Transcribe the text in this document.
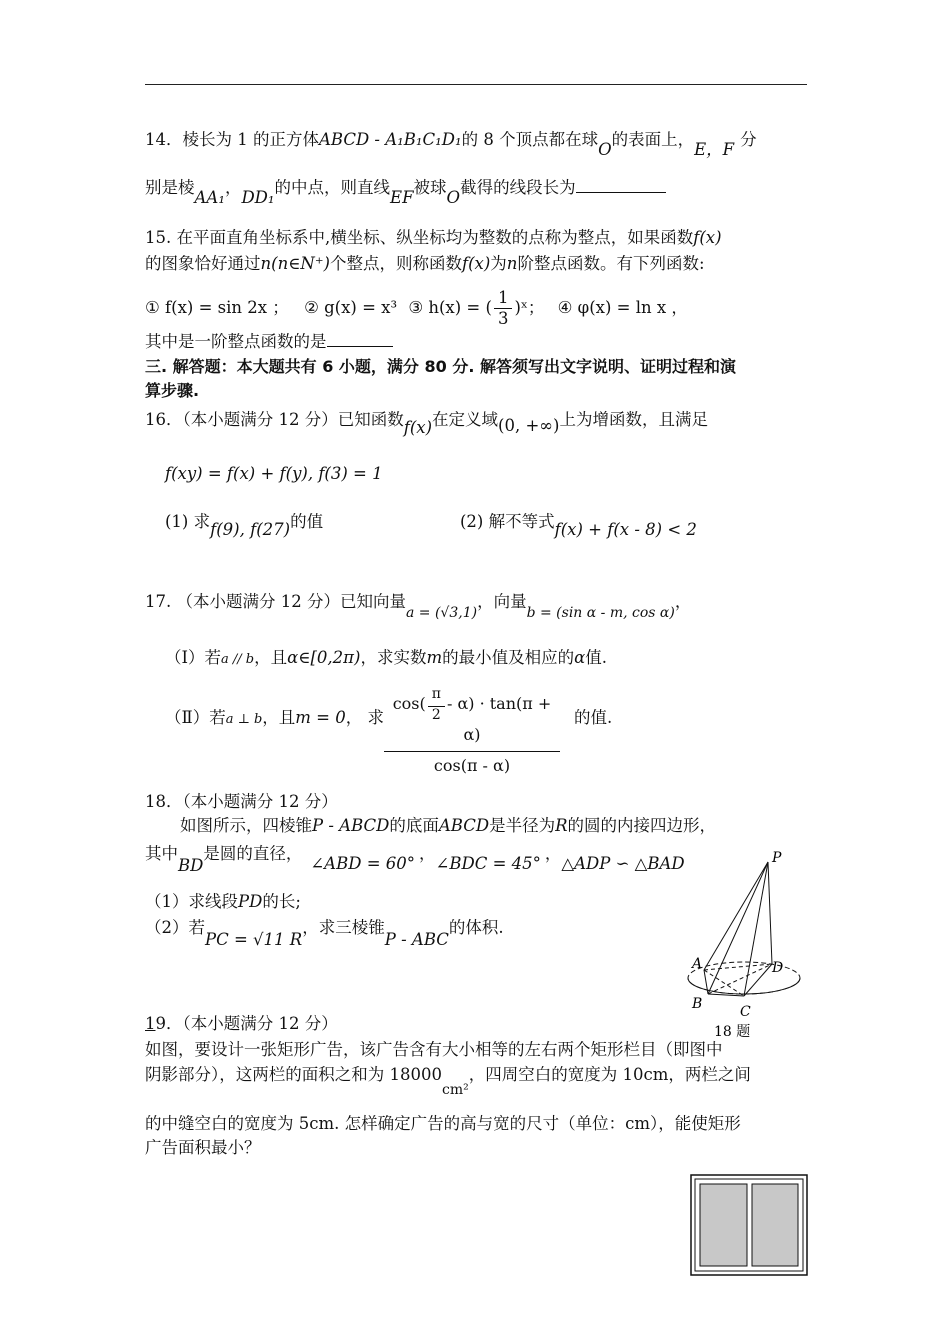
14．棱长为 1 的正方体ABCD - A₁B₁C₁D₁的 8 个顶点都在球O的表面上，E，F分
别是棱AA₁，DD₁的中点，则直线EF被球O截得的线段长为
15. 在平面直角坐标系中,横坐标、纵坐标均为整数的点称为整点，如果函数f(x)
的图象恰好通过n(n∈N⁺)个整点，则称函数f(x)为n阶整点函数。有下列函数:
① f(x) = sin 2x ； ② g(x) = x³ ③ h(x) = ( $\frac{1}{3}$ )ˣ； ④ φ(x) = ln x ，
其中是一阶整点函数的是
三. 解答题：本大题共有 6 小题，满分 80 分. 解答须写出文字说明、证明过程和演
算步骤.
16．（本小题满分 12 分）已知函数f(x)在定义域(0, +∞)上为增函数，且满足
f(xy) = f(x) + f(y), f(3) = 1
(1) 求f(9), f(27)的值	(2) 解不等式f(x) + f(x - 8) < 2
17. （本小题满分 12 分）已知向量$_{a = (√3,1)}$，向量$_{b = (sin \alpha - m, cos \alpha)}$，
（Ⅰ）若a // b，且α∈[0,2π)，求实数m的最小值及相应的α值.
（Ⅱ）若a ⊥ b，且m = 0， 求 $\frac{\cos( \frac{\pi}{2} - \alpha) \cdot \tan(\pi + \alpha)}{\cos(\pi - \alpha)}$ 的值.
18．（本小题满分 12 分）
如图所示，四棱锥P - ABCD的底面ABCD是半径为R的圆的内接四边形，
其中BD是圆的直径，∠ABD = 60°，∠BDC = 45°，△ADP ∽ △BAD
（1）求线段PD的长;
（2）若PC = √11 R，求三棱锥P - ABC的体积.
P
A
B	C
D
18 题
19．（本小题满分 12 分）
如图，要设计一张矩形广告，该广告含有大小相等的左右两个矩形栏目（即图中
阴影部分），这两栏的面积之和为 $18000_{cm^2}$，四周空白的宽度为 10cm，两栏之间
的中缝空白的宽度为 5cm. 怎样确定广告的高与宽的尺寸（单位：cm），能使矩形
广告面积最小？
